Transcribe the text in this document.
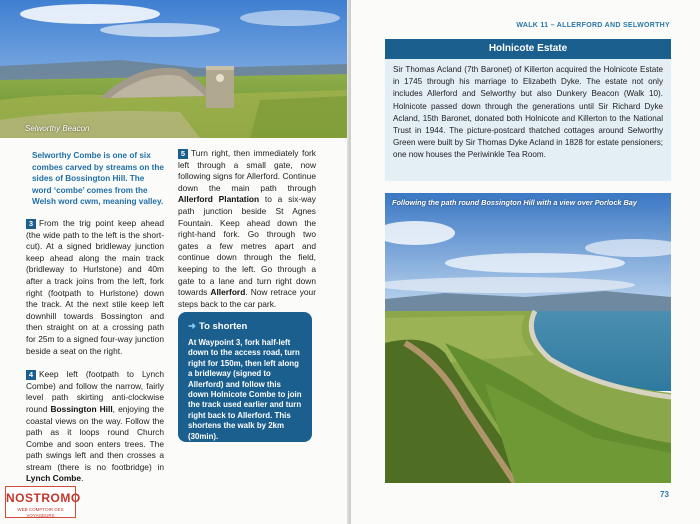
Selworthy Beacon
Selworthy Combe is one of six combes carved by streams on the sides of Bossington Hill. The word ‘combe’ comes from the Welsh word cwm, meaning valley.

3 From the trig point keep ahead (the wide path to the left is the short-cut). At a signed bridleway junction keep ahead along the main track (bridleway to Hurlstone) and 40m after a track joins from the left, fork right (footpath to Hurlstone) down the track. At the next stile keep left downhill towards Bossington and then straight on at a crossing path for 25m to a signed four-way junction beside a seat on the right.

4 Keep left (footpath to Lynch Combe) and follow the narrow, fairly level path skirting anti-clockwise round Bossington Hill, enjoying the coastal views on the way. Follow the path as it loops round Church Combe and soon enters trees. The path swings left and then crosses a stream (there is no footbridge) in Lynch Combe.

5 Turn right, then immediately fork left through a small gate, now following signs for Allerford. Continue down the main path through Allerford Plantation to a six-way path junction beside St Agnes Fountain. Keep ahead down the right-hand fork. Go through two gates a few metres apart and continue down through the field, keeping to the left. Go through a gate to a lane and turn right down towards Allerford. Now retrace your steps back to the car park.

➜ To shorten
At Waypoint 3, fork half-left down to the access road, turn right for 150m, then left along a bridleway (signed to Allerford) and follow this down Holnicote Combe to join the track used earlier and turn right back to Allerford. This shortens the walk by 2km (30min).
NOSTROMO
WEB COMPTOIR DES VOYAGEURS
WALK 11 – ALLERFORD AND SELWORTHY
Holnicote Estate
Sir Thomas Acland (7th Baronet) of Killerton acquired the Holnicote Estate in 1745 through his marriage to Elizabeth Dyke. The estate not only includes Allerford and Selworthy but also Dunkery Beacon (Walk 10). Holnicote passed down through the generations until Sir Richard Dyke Acland, 15th Baronet, donated both Holnicote and Killerton to the National Trust in 1944. The picture-postcard thatched cottages around Selworthy Green were built by Sir Thomas Dyke Acland in 1828 for estate pensioners; one now houses the Periwinkle Tea Room.
Following the path round Bossington Hill with a view over Porlock Bay
73
